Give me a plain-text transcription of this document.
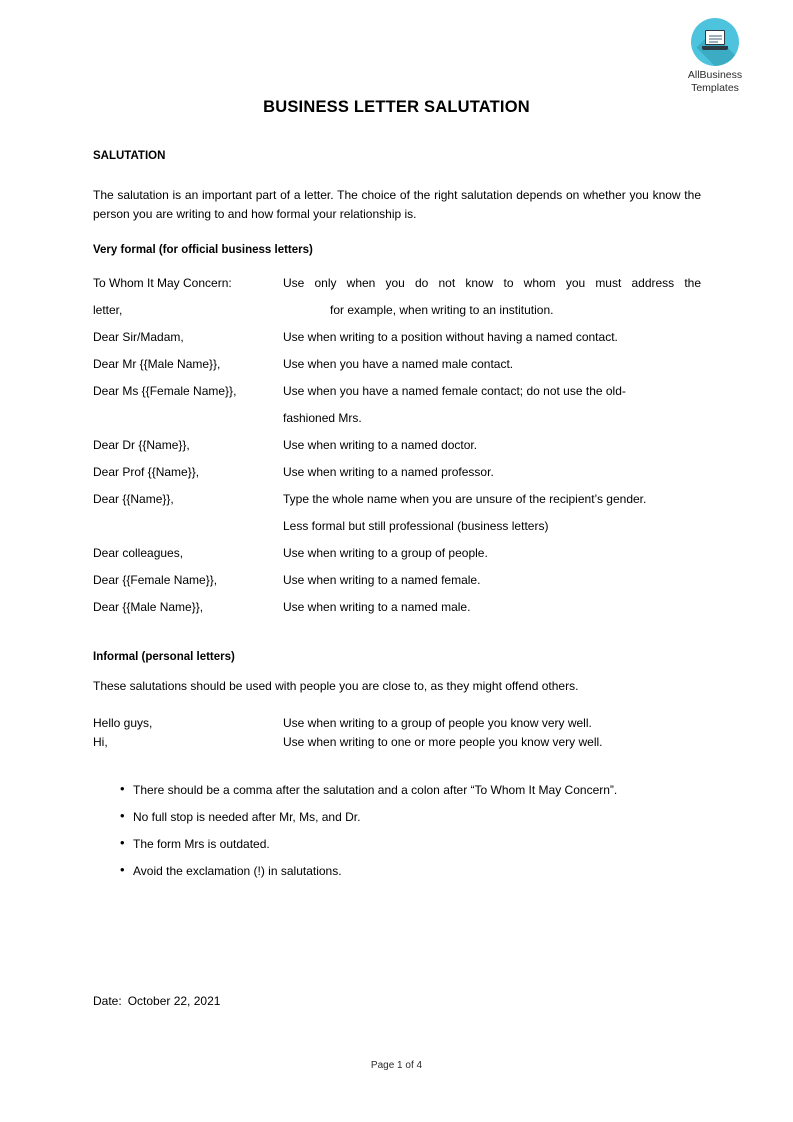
AllBusiness
Templates
BUSINESS LETTER SALUTATION
SALUTATION

The salutation is an important part of a letter. The choice of the right salutation depends on whether you know the person you are writing to and how formal your relationship is.

Very formal (for official business letters)
To Whom It May Concern:	Use only when you do not know to whom you must address the

letter,	for example, when writing to an institution.

Dear Sir/Madam,	Use when writing to a position without having a named contact.
Dear Mr {{Male Name}},	Use when you have a named male contact.
Dear Ms {{Female Name}},	Use when you have a named female contact; do not use the old-
	fashioned Mrs.
Dear Dr {{Name}},	Use when writing to a named doctor.
Dear Prof {{Name}},	Use when writing to a named professor.
Dear {{Name}},	Type the whole name when you are unsure of the recipient’s gender.
	Less formal but still professional (business letters)
Dear colleagues,	Use when writing to a group of people.
Dear {{Female Name}},	Use when writing to a named female.
Dear {{Male Name}},	Use when writing to a named male.
Informal (personal letters)

These salutations should be used with people you are close to, as they might offend others.

Hello guys,	Use when writing to a group of people you know very well.
Hi,	Use when writing to one or more people you know very well.
• There should be a comma after the salutation and a colon after “To Whom It May Concern”.
• No full stop is needed after Mr, Ms, and Dr.
• The form Mrs is outdated.
• Avoid the exclamation (!) in salutations.
Date: October 22, 2021
Page 1 of 4
